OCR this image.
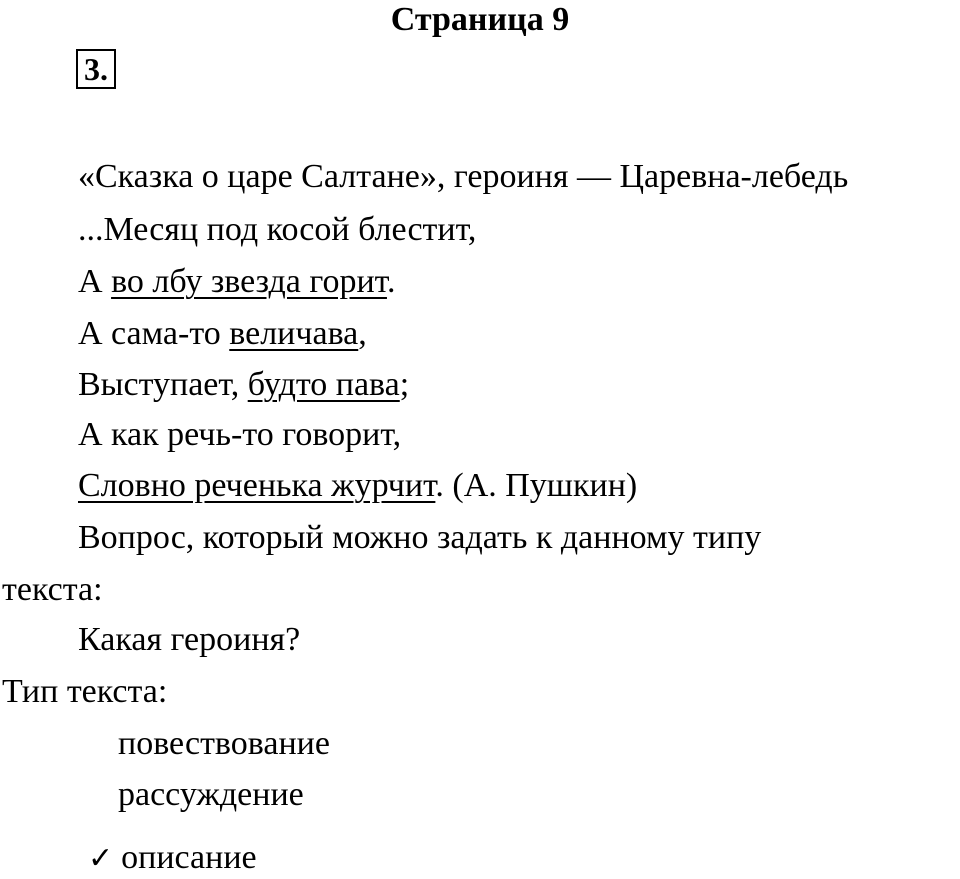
Страница 9
3.
«Сказка о царе Салтане», героиня — Царевна-лебедь
...Месяц под косой блестит,
А во лбу звезда горит.
А сама-то величава,
Выступает, будто пава;
А как речь-то говорит,
Словно реченька журчит. (А. Пушкин)
Вопрос, который можно задать к данному типу
текста:
Какая героиня?
Тип текста:
повествование
рассуждение
✓ описание
